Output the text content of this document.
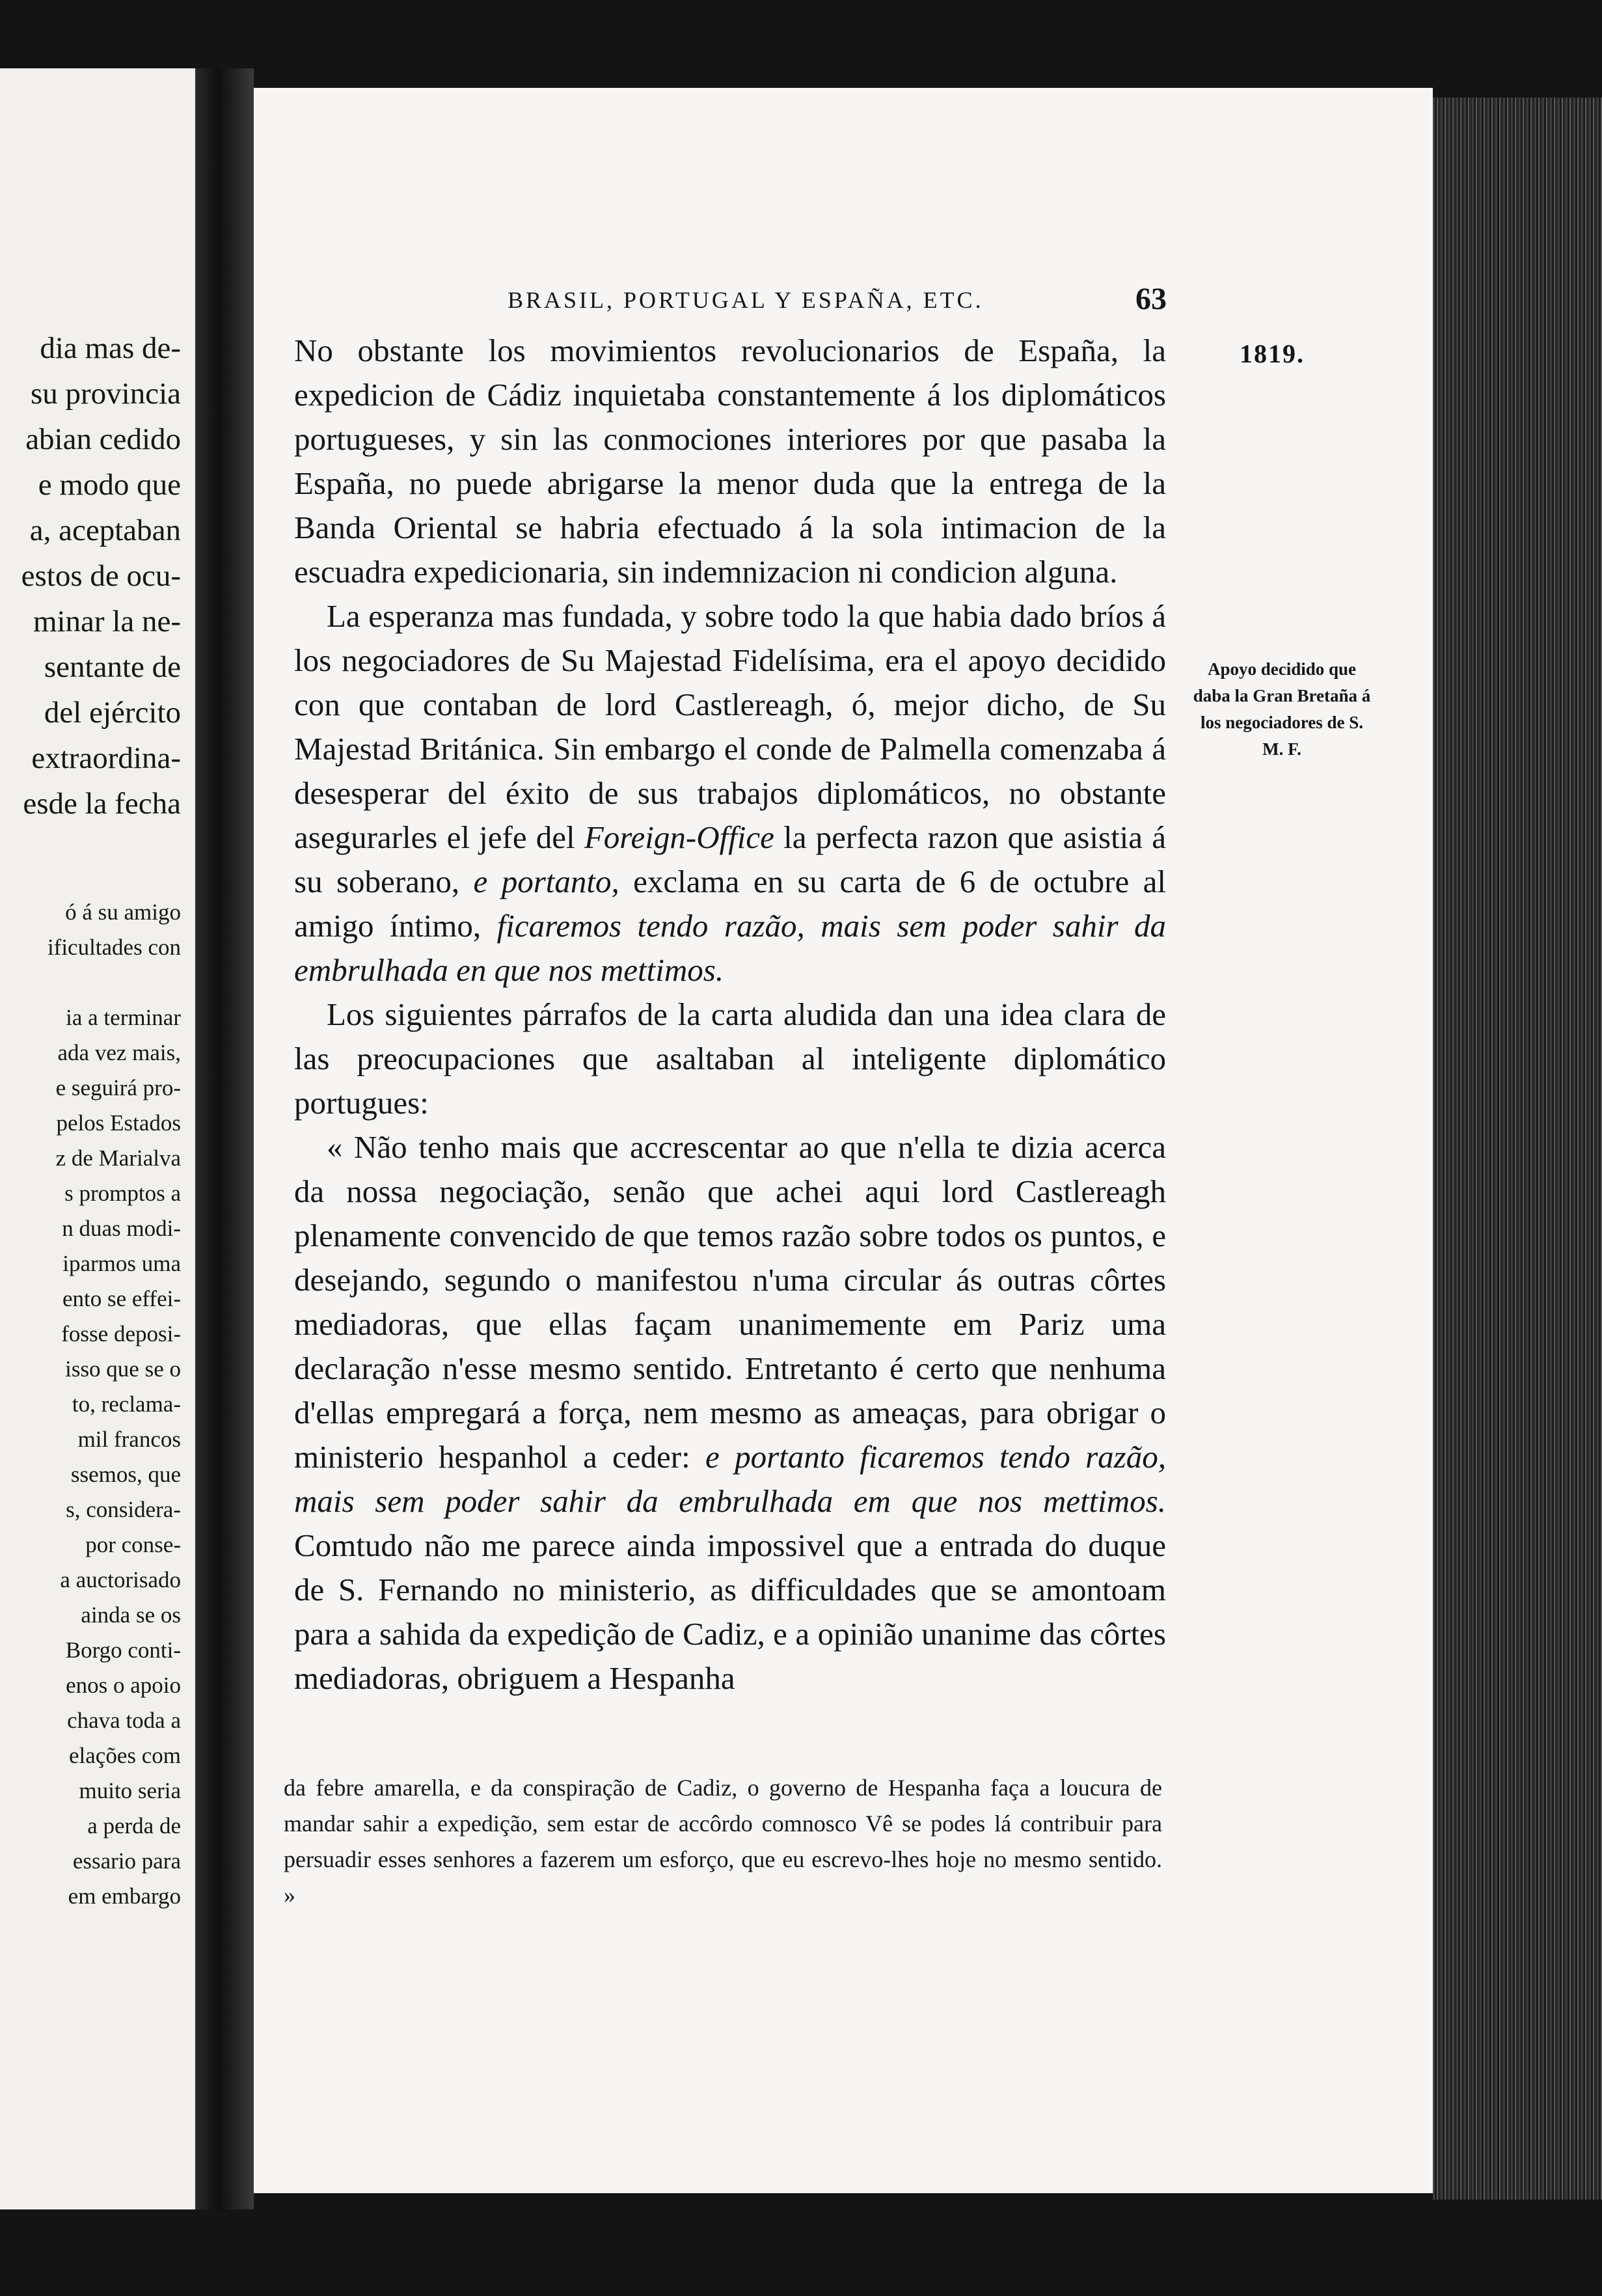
dia mas de-
su provincia
abian cedido
e modo que
a, aceptaban
estos de ocu-
minar la ne-
sentante de
del ejército
extraordina-
esde la fecha
ó á su amigo
ificultades con
ia a terminar
ada vez mais,
e seguirá pro-
pelos Estados
z de Marialva
s promptos a
n duas modi-
iparmos uma
ento se effei-
fosse deposi-
isso que se o
to, reclama-
mil francos
ssemos, que
s, considera-
por conse-
a auctorisado
ainda se os
Borgo conti-
enos o apoio
chava toda a
elações com
muito seria
a perda de
essario para
em embargo
BRASIL, PORTUGAL Y ESPAÑA, ETC.	63
1819.
Apoyo decidido que daba la Gran Bretaña á los negociadores de S. M. F.

No obstante los movimientos revolucionarios de España, la expedicion de Cádiz inquietaba constantemente á los diplomáticos portugueses, y sin las conmociones interiores por que pasaba la España, no puede abrigarse la menor duda que la entrega de la Banda Oriental se habria efectuado á la sola intimacion de la escuadra expedicionaria, sin indemnizacion ni condicion alguna.

La esperanza mas fundada, y sobre todo la que habia dado bríos á los negociadores de Su Majestad Fidelísima, era el apoyo decidido con que contaban de lord Castlereagh, ó, mejor dicho, de Su Majestad Británica. Sin embargo el conde de Palmella comenzaba á desesperar del éxito de sus trabajos diplomáticos, no obstante asegurarles el jefe del Foreign-Office la perfecta razon que asistia á su soberano, e portanto, exclama en su carta de 6 de octubre al amigo íntimo, ficaremos tendo razão, mais sem poder sahir da embrulhada en que nos mettimos.

Los siguientes párrafos de la carta aludida dan una idea clara de las preocupaciones que asaltaban al inteligente diplomático portugues:

« Não tenho mais que accrescentar ao que n'ella te dizia acerca da nossa negociação, senão que achei aqui lord Castlereagh plenamente convencido de que temos razão sobre todos os puntos, e desejando, segundo o manifestou n'uma circular ás outras côrtes mediadoras, que ellas façam unanimemente em Pariz uma declaração n'esse mesmo sentido. Entretanto é certo que nenhuma d'ellas empregará a força, nem mesmo as ameaças, para obrigar o ministerio hespanhol a ceder: e portanto ficaremos tendo razão, mais sem poder sahir da embrulhada em que nos mettimos. Comtudo não me parece ainda impossivel que a entrada do duque de S. Fernando no ministerio, as difficuldades que se amontoam para a sahida da expedição de Cadiz, e a opinião unanime das côrtes mediadoras, obriguem a Hespanha

da febre amarella, e da conspiração de Cadiz, o governo de Hespanha faça a loucura de mandar sahir a expedição, sem estar de accôrdo comnosco Vê se podes lá contribuir para persuadir esses senhores a fazerem um esforço, que eu escrevo-lhes hoje no mesmo sentido. »
